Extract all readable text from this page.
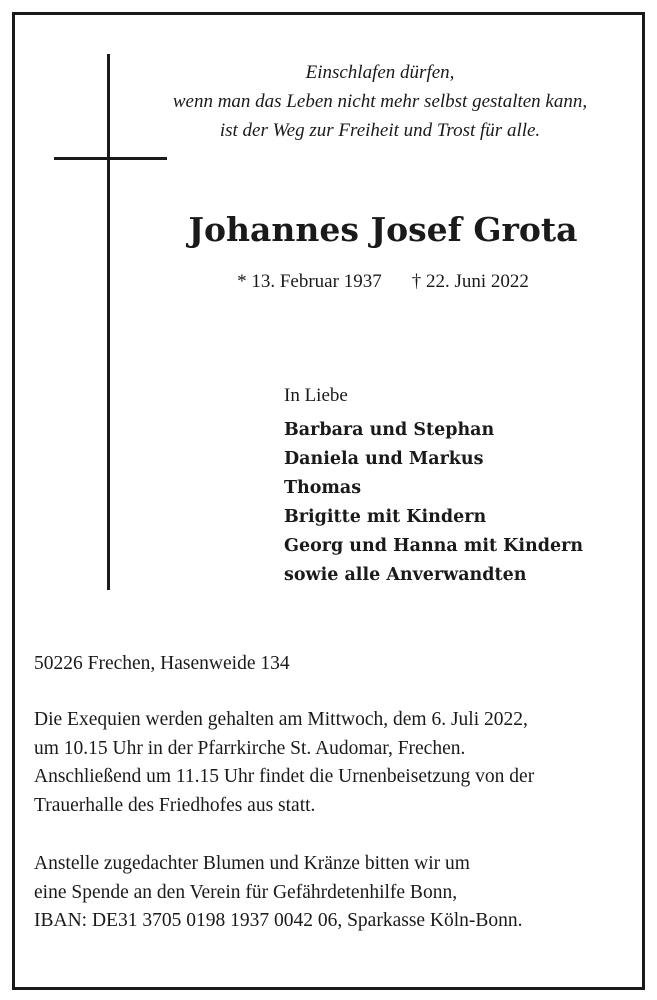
Einschlafen dürfen,
wenn man das Leben nicht mehr selbst gestalten kann,
ist der Weg zur Freiheit und Trost für alle.
Johannes Josef Grota
* 13. Februar 1937 † 22. Juni 2022
In Liebe
Barbara und Stephan
Daniela und Markus
Thomas
Brigitte mit Kindern
Georg und Hanna mit Kindern
sowie alle Anverwandten
50226 Frechen, Hasenweide 134
Die Exequien werden gehalten am Mittwoch, dem 6. Juli 2022,
um 10.15 Uhr in der Pfarrkirche St. Audomar, Frechen.
Anschließend um 11.15 Uhr findet die Urnenbeisetzung von der
Trauerhalle des Friedhofes aus statt.
Anstelle zugedachter Blumen und Kränze bitten wir um
eine Spende an den Verein für Gefährdetenhilfe Bonn,
IBAN: DE31 3705 0198 1937 0042 06, Sparkasse Köln-Bonn.
